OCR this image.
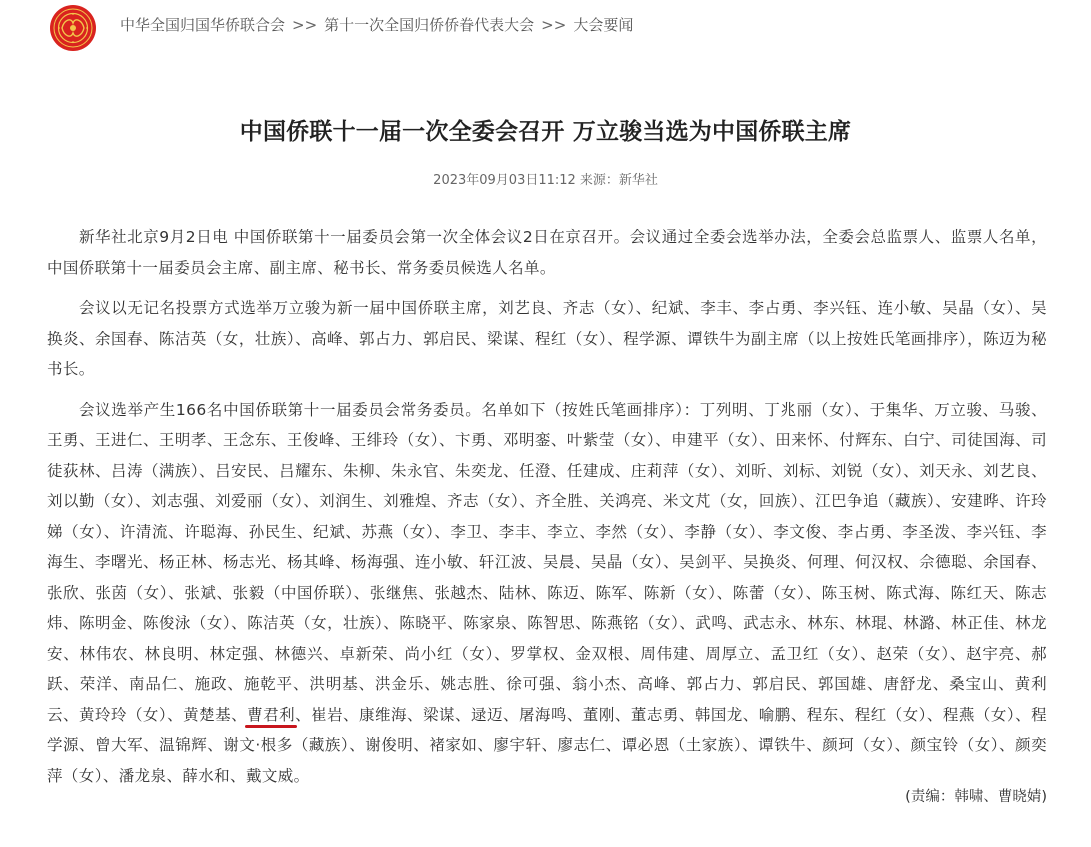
中华全国归国华侨联合会 >> 第十一次全国归侨侨眷代表大会 >> 大会要闻
中国侨联十一届一次全委会召开 万立骏当选为中国侨联主席
2023年09月03日11:12 来源：新华社

新华社北京9月2日电 中国侨联第十一届委员会第一次全体会议2日在京召开。会议通过全委会选举办法，全委会总监票人、监票人名单，中国侨联第十一届委员会主席、副主席、秘书长、常务委员候选人名单。

会议以无记名投票方式选举万立骏为新一届中国侨联主席，刘艺良、齐志（女）、纪斌、李丰、李占勇、李兴钰、连小敏、吴晶（女）、吴换炎、余国春、陈洁英（女，壮族）、高峰、郭占力、郭启民、梁谋、程红（女）、程学源、谭铁牛为副主席（以上按姓氏笔画排序），陈迈为秘书长。

会议选举产生166名中国侨联第十一届委员会常务委员。名单如下（按姓氏笔画排序）：丁列明、丁兆丽（女）、于集华、万立骏、马骏、王勇、王进仁、王明孝、王念东、王俊峰、王绯玲（女）、卞勇、邓明銮、叶紫莹（女）、申建平（女）、田来怀、付辉东、白宁、司徒国海、司徒荻林、吕涛（满族）、吕安民、吕耀东、朱柳、朱永官、朱奕龙、任澄、任建成、庄莉萍（女）、刘昕、刘标、刘锐（女）、刘天永、刘艺良、刘以勤（女）、刘志强、刘爱丽（女）、刘润生、刘雅煌、齐志（女）、齐全胜、关鸿亮、米文芃（女，回族）、江巴争追（藏族）、安建晔、许玲娣（女）、许清流、许聪海、孙民生、纪斌、苏燕（女）、李卫、李丰、李立、李然（女）、李静（女）、李文俊、李占勇、李圣泼、李兴钰、李海生、李曙光、杨正林、杨志光、杨其峰、杨海强、连小敏、轩江波、吴晨、吴晶（女）、吴剑平、吴换炎、何理、何汉权、佘德聪、余国春、张欣、张茵（女）、张斌、张毅（中国侨联）、张继焦、张越杰、陆林、陈迈、陈军、陈新（女）、陈蕾（女）、陈玉树、陈式海、陈红天、陈志炜、陈明金、陈俊泳（女）、陈洁英（女，壮族）、陈晓平、陈家泉、陈智思、陈燕铭（女）、武鸣、武志永、林东、林琨、林潞、林正佳、林龙安、林伟农、林良明、林定强、林德兴、卓新荣、尚小红（女）、罗掌权、金双根、周伟建、周厚立、孟卫红（女）、赵荣（女）、赵宇亮、郝跃、荣洋、南品仁、施政、施乾平、洪明基、洪金乐、姚志胜、徐可强、翁小杰、高峰、郭占力、郭启民、郭国雄、唐舒龙、桑宝山、黄利云、黄玲玲（女）、黄楚基、曹君利、崔岩、康维海、梁谋、逯迈、屠海鸣、董刚、董志勇、韩国龙、喻鹏、程东、程红（女）、程燕（女）、程学源、曾大军、温锦辉、谢文·根多（藏族）、谢俊明、褚家如、廖宇轩、廖志仁、谭必恩（土家族）、谭铁牛、颜珂（女）、颜宝铃（女）、颜奕萍（女）、潘龙泉、薛水和、戴文威。

(责编：韩啸、曹晓婧)
